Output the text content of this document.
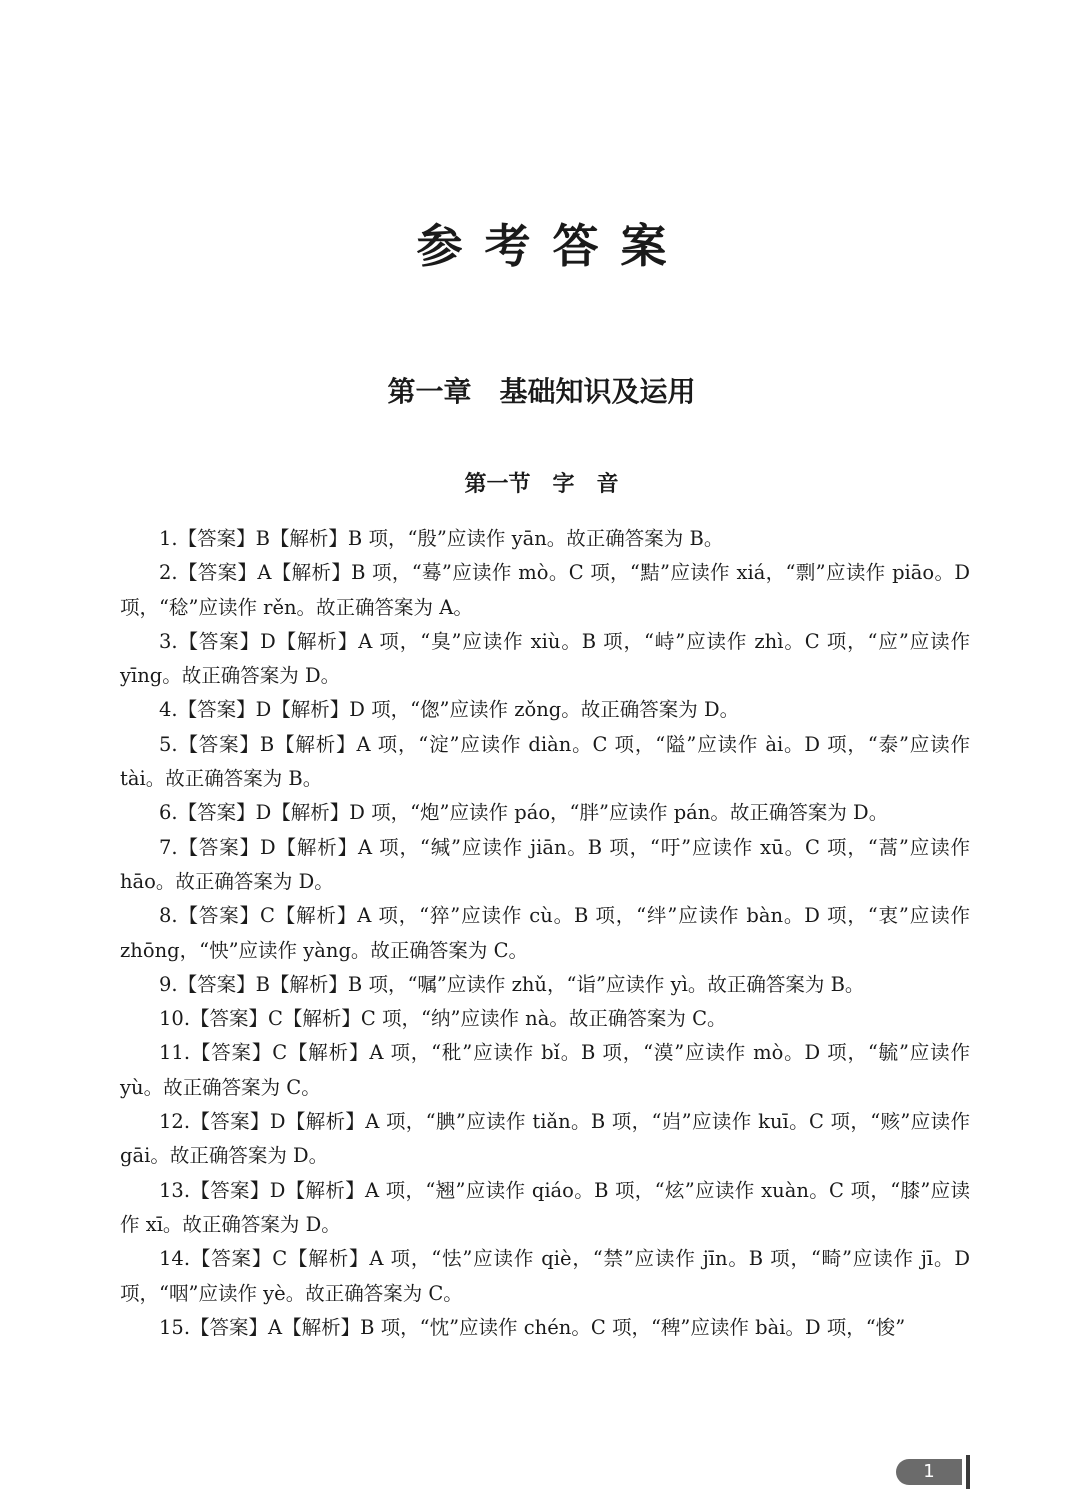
参考答案
第一章　基础知识及运用
第一节　字　音
1.【答案】B【解析】B 项，“殷”应读作 yān。故正确答案为 B。
2.【答案】A【解析】B 项，“蓦”应读作 mò。C 项，“黠”应读作 xiá，“剽”应读作 piāo。D 项，“稔”应读作 rěn。故正确答案为 A。
3.【答案】D【解析】A 项，“臭”应读作 xiù。B 项，“峙”应读作 zhì。C 项，“应”应读作 yīng。故正确答案为 D。
4.【答案】D【解析】D 项，“偬”应读作 zǒng。故正确答案为 D。
5.【答案】B【解析】A 项，“淀”应读作 diàn。C 项，“隘”应读作 ài。D 项，“泰”应读作 tài。故正确答案为 B。
6.【答案】D【解析】D 项，“炮”应读作 páo，“胖”应读作 pán。故正确答案为 D。
7.【答案】D【解析】A 项，“缄”应读作 jiān。B 项，“吁”应读作 xū。C 项，“蒿”应读作 hāo。故正确答案为 D。
8.【答案】C【解析】A 项，“猝”应读作 cù。B 项，“绊”应读作 bàn。D 项，“衷”应读作 zhōng，“怏”应读作 yàng。故正确答案为 C。
9.【答案】B【解析】B 项，“嘱”应读作 zhǔ，“诣”应读作 yì。故正确答案为 B。
10.【答案】C【解析】C 项，“纳”应读作 nà。故正确答案为 C。
11.【答案】C【解析】A 项，“秕”应读作 bǐ。B 项，“漠”应读作 mò。D 项，“毓”应读作 yù。故正确答案为 C。
12.【答案】D【解析】A 项，“腆”应读作 tiǎn。B 项，“岿”应读作 kuī。C 项，“赅”应读作 gāi。故正确答案为 D。
13.【答案】D【解析】A 项，“翘”应读作 qiáo。B 项，“炫”应读作 xuàn。C 项，“膝”应读作 xī。故正确答案为 D。
14.【答案】C【解析】A 项，“怯”应读作 qiè，“禁”应读作 jīn。B 项，“畸”应读作 jī。D 项，“咽”应读作 yè。故正确答案为 C。
15.【答案】A【解析】B 项，“忱”应读作 chén。C 项，“稗”应读作 bài。D 项，“悛”
1
